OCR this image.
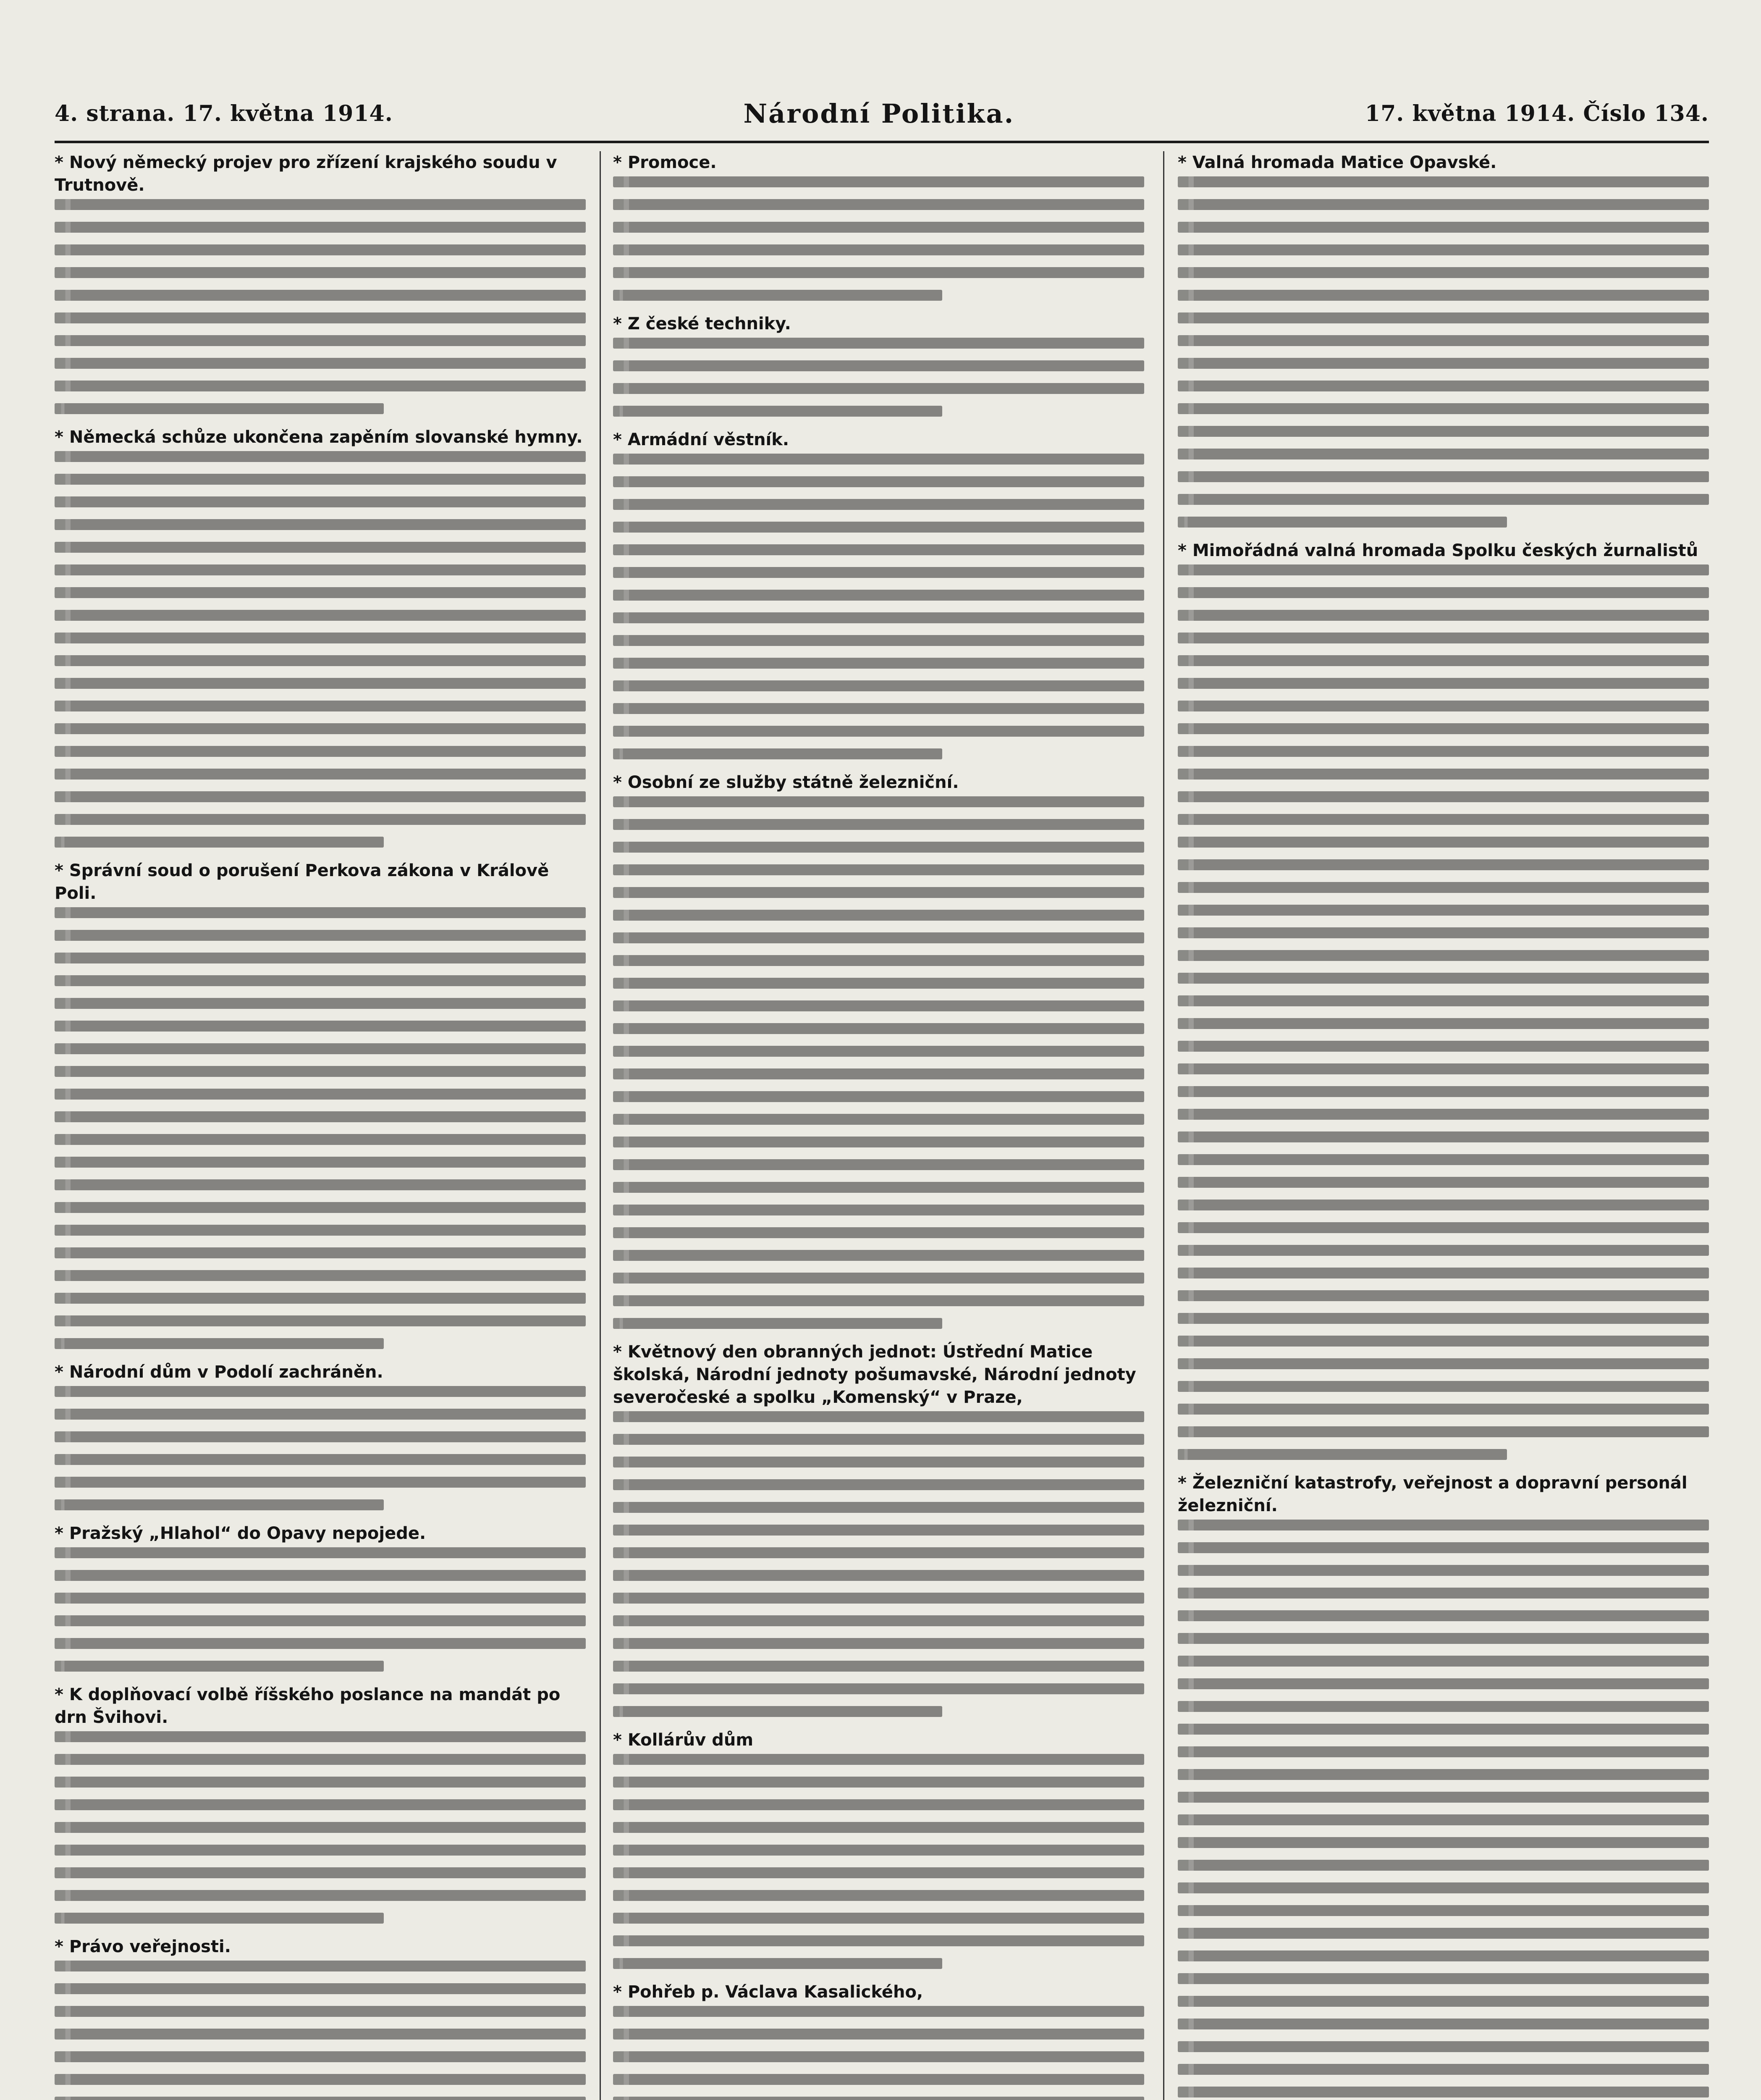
4. strana. 17. května 1914.	Národní Politika.	17. května 1914. Číslo 134.
* Nový německý projev pro zřízení krajského soudu v Trutnově.
* Německá schůze ukončena zapěním slovanské hymny.
* Správní soud o porušení Perkova zákona v Králově Poli.
* Národní dům v Podolí zachráněn.
* Pražský „Hlahol“ do Opavy nepojede.
* K doplňovací volbě říšského poslance na mandát po drn Švihovi.
* Právo veřejnosti.
* Promoce.
* Z české techniky.
* Armádní věstník.
* Osobní ze služby státně železniční.
* Květnový den obranných jednot: Ústřední Matice školská, Národní jednoty pošumavské, Národní jednoty severočeské a spolku „Komenský“ v Praze,
* Kollárův dům
* Pohřeb p. Václava Kasalického,
* Valná hromada Matice Opavské.
* Mimořádná valná hromada Spolku českých žurnalistů
* Železniční katastrofy, veřejnost a dopravní personál železniční.
